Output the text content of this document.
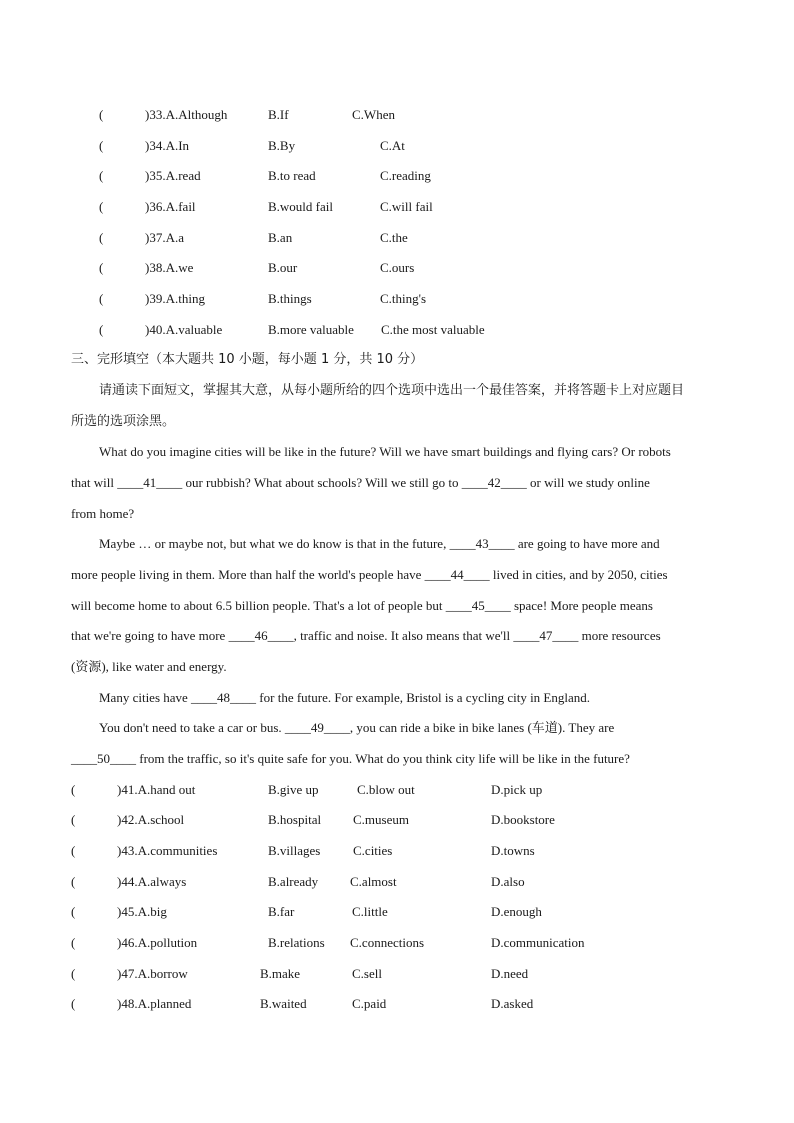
(	)33.A.Although	B.If	C.When
(	)34.A.In	B.By	C.At
(	)35.A.read	B.to read	C.reading
(	)36.A.fail	B.would fail	C.will fail
(	)37.A.a	B.an	C.the
(	)38.A.we	B.our	C.ours
(	)39.A.thing	B.things	C.thing's
(	)40.A.valuable	B.more valuable C.the most valuable
三、完形填空（本大题共 10 小题，每小题 1 分，共 10 分）
请通读下面短文，掌握其大意，从每小题所给的四个选项中选出一个最佳答案，并将答题卡上对应题目
所选的选项涂黑。
What do you imagine cities will be like in the future? Will we have smart buildings and flying cars? Or robots
that will ____41____ our rubbish? What about schools? Will we still go to ____42____ or will we study online
from home?
Maybe … or maybe not, but what we do know is that in the future, ____43____ are going to have more and
more people living in them. More than half the world's people have ____44____ lived in cities, and by 2050, cities
will become home to about 6.5 billion people. That's a lot of people but ____45____ space! More people means
that we're going to have more ____46____, traffic and noise. It also means that we'll ____47____ more resources
(资源), like water and energy.
Many cities have ____48____ for the future. For example, Bristol is a cycling city in England.
You don't need to take a car or bus. ____49____, you can ride a bike in bike lanes (车道). They are
____50____ from the traffic, so it's quite safe for you. What do you think city life will be like in the future?
(	)41.A.hand out	B.give up	C.blow out	D.pick up
(	)42.A.school	B.hospital C.museum	D.bookstore
(	)43.A.communities	B.villages	C.cities	D.towns
(	)44.A.always	B.already C.almost	D.also
(	)45.A.big	B.far	C.little	D.enough
(	)46.A.pollution	B.relations C.connections	D.communication
(	)47.A.borrow	B.make	C.sell	D.need
(	)48.A.planned	B.waited	C.paid	D.asked
